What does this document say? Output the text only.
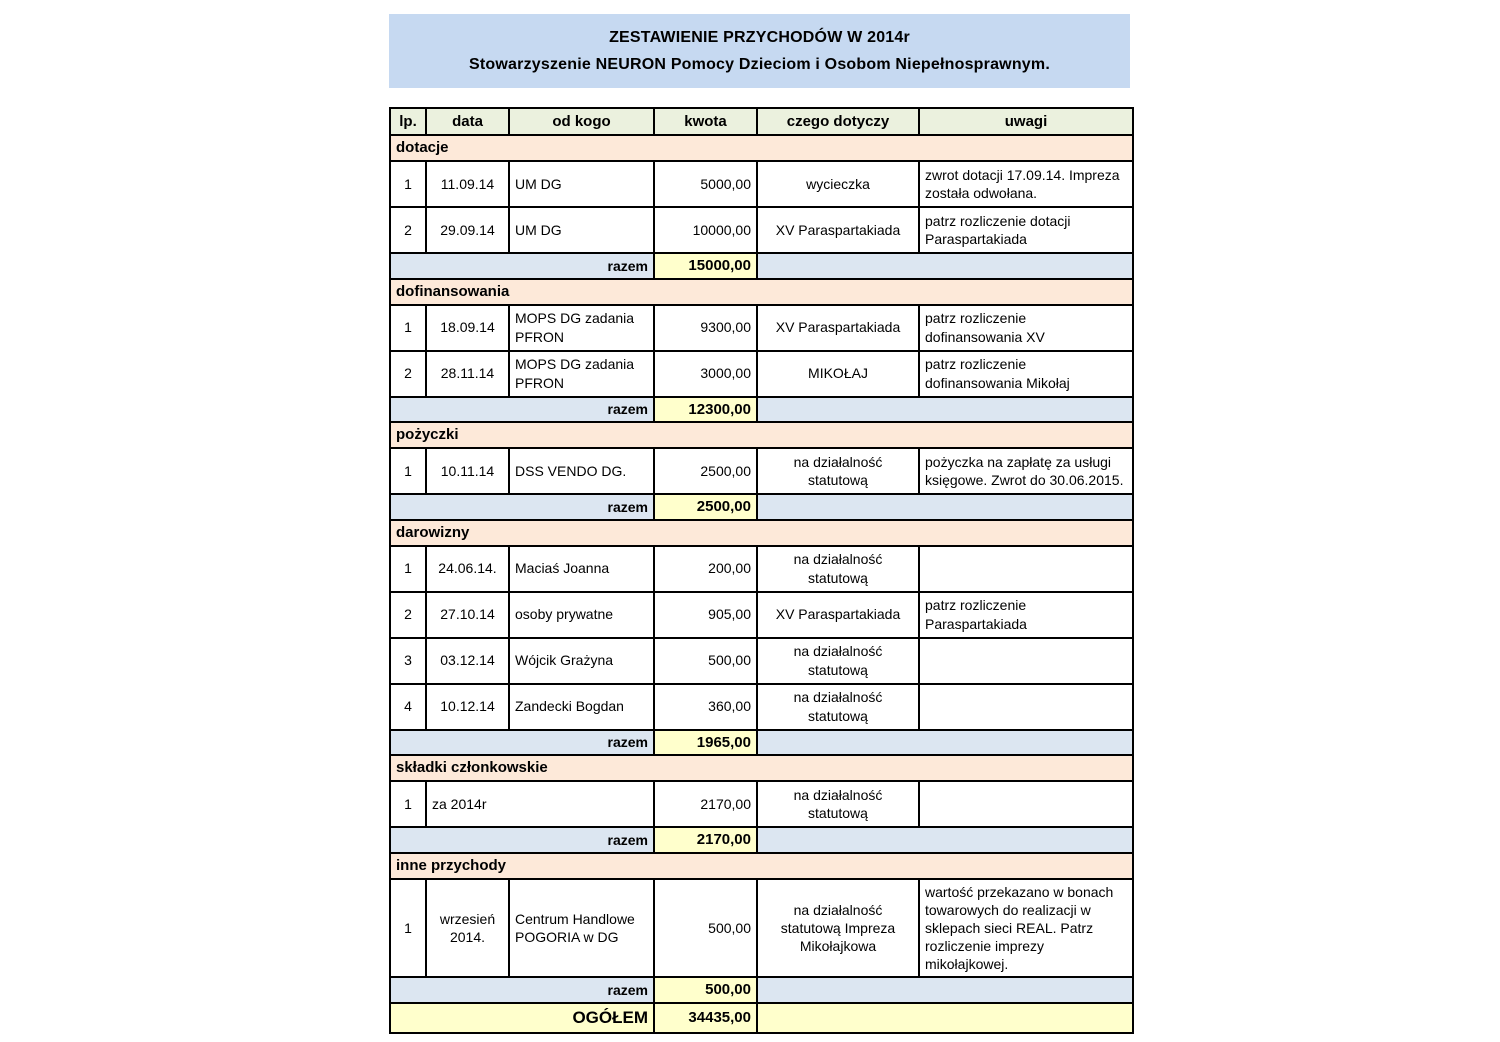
ZESTAWIENIE PRZYCHODÓW W 2014r
Stowarzyszenie NEURON Pomocy Dzieciom i Osobom Niepełnosprawnym.
lp.	data	od kogo	kwota	czego dotyczy	uwagi
dotacje					
1	11.09.14	UM DG	5000,00	wycieczka	zwrot dotacji 17.09.14. Impreza została odwołana.
2	29.09.14	UM DG	10000,00	XV Paraspartakiada	patrz rozliczenie dotacji Paraspartakiada
razem			15000,00		
dofinansowania					
1	18.09.14	MOPS DG zadania PFRON	9300,00	XV Paraspartakiada	patrz rozliczenie dofinansowania XV
2	28.11.14	MOPS DG zadania PFRON	3000,00	MIKOŁAJ	patrz rozliczenie dofinansowania Mikołaj
razem			12300,00		
pożyczki					
1	10.11.14	DSS VENDO DG.	2500,00	na działalność statutową	pożyczka na zapłatę za usługi księgowe. Zwrot do 30.06.2015.
razem			2500,00		
darowizny					
1	24.06.14.	Maciaś Joanna	200,00	na działalność statutową	
2	27.10.14	osoby prywatne	905,00	XV Paraspartakiada	patrz rozliczenie Paraspartakiada
3	03.12.14	Wójcik Grażyna	500,00	na działalność statutową	
4	10.12.14	Zandecki Bogdan	360,00	na działalność statutową	
razem			1965,00		
składki członkowskie					
1	za 2014r		2170,00	na działalność statutową	
razem			2170,00		
inne przychody					
1	wrzesień 2014.	Centrum Handlowe POGORIA w DG	500,00	na działalność statutową Impreza Mikołajkowa	wartość przekazano w bonach towarowych do realizacji w sklepach sieci REAL. Patrz rozliczenie imprezy mikołajkowej.
razem			500,00		
OGÓŁEM			34435,00		
